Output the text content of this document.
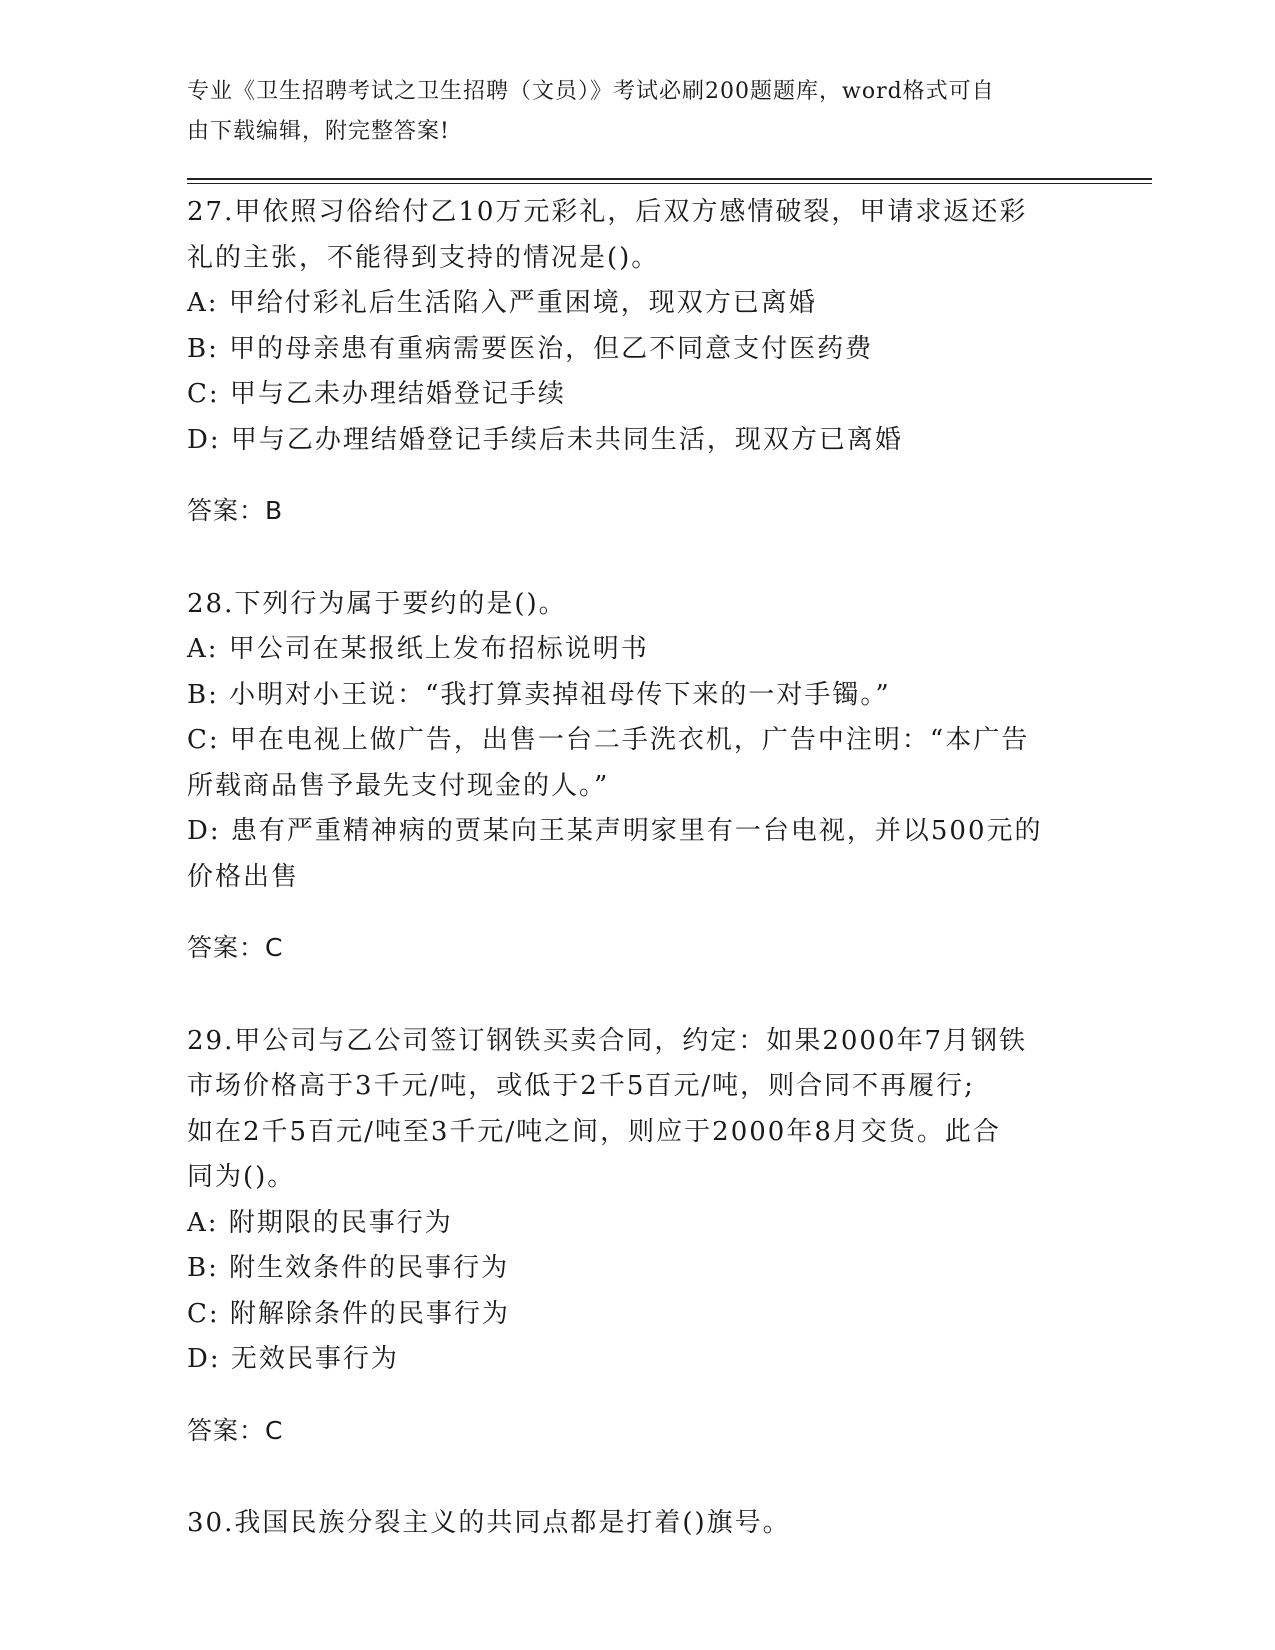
专业《卫生招聘考试之卫生招聘（文员）》考试必刷200题题库，word格式可自
由下载编辑，附完整答案!

27.甲依照习俗给付乙10万元彩礼，后双方感情破裂，甲请求返还彩

礼的主张，不能得到支持的情况是()。

A: 甲给付彩礼后生活陷入严重困境，现双方已离婚

B: 甲的母亲患有重病需要医治，但乙不同意支付医药费

C: 甲与乙未办理结婚登记手续

D: 甲与乙办理结婚登记手续后未共同生活，现双方已离婚

答案：B

28.下列行为属于要约的是()。

A: 甲公司在某报纸上发布招标说明书

B: 小明对小王说：“我打算卖掉祖母传下来的一对手镯。”

C: 甲在电视上做广告，出售一台二手洗衣机，广告中注明：“本广告

所载商品售予最先支付现金的人。”

D: 患有严重精神病的贾某向王某声明家里有一台电视，并以500元的

价格出售

答案：C

29.甲公司与乙公司签订钢铁买卖合同，约定：如果2000年7月钢铁

市场价格高于3千元/吨，或低于2千5百元/吨，则合同不再履行;

如在2千5百元/吨至3千元/吨之间，则应于2000年8月交货。此合

同为()。

A: 附期限的民事行为

B: 附生效条件的民事行为

C: 附解除条件的民事行为

D: 无效民事行为

答案：C

30.我国民族分裂主义的共同点都是打着()旗号。
